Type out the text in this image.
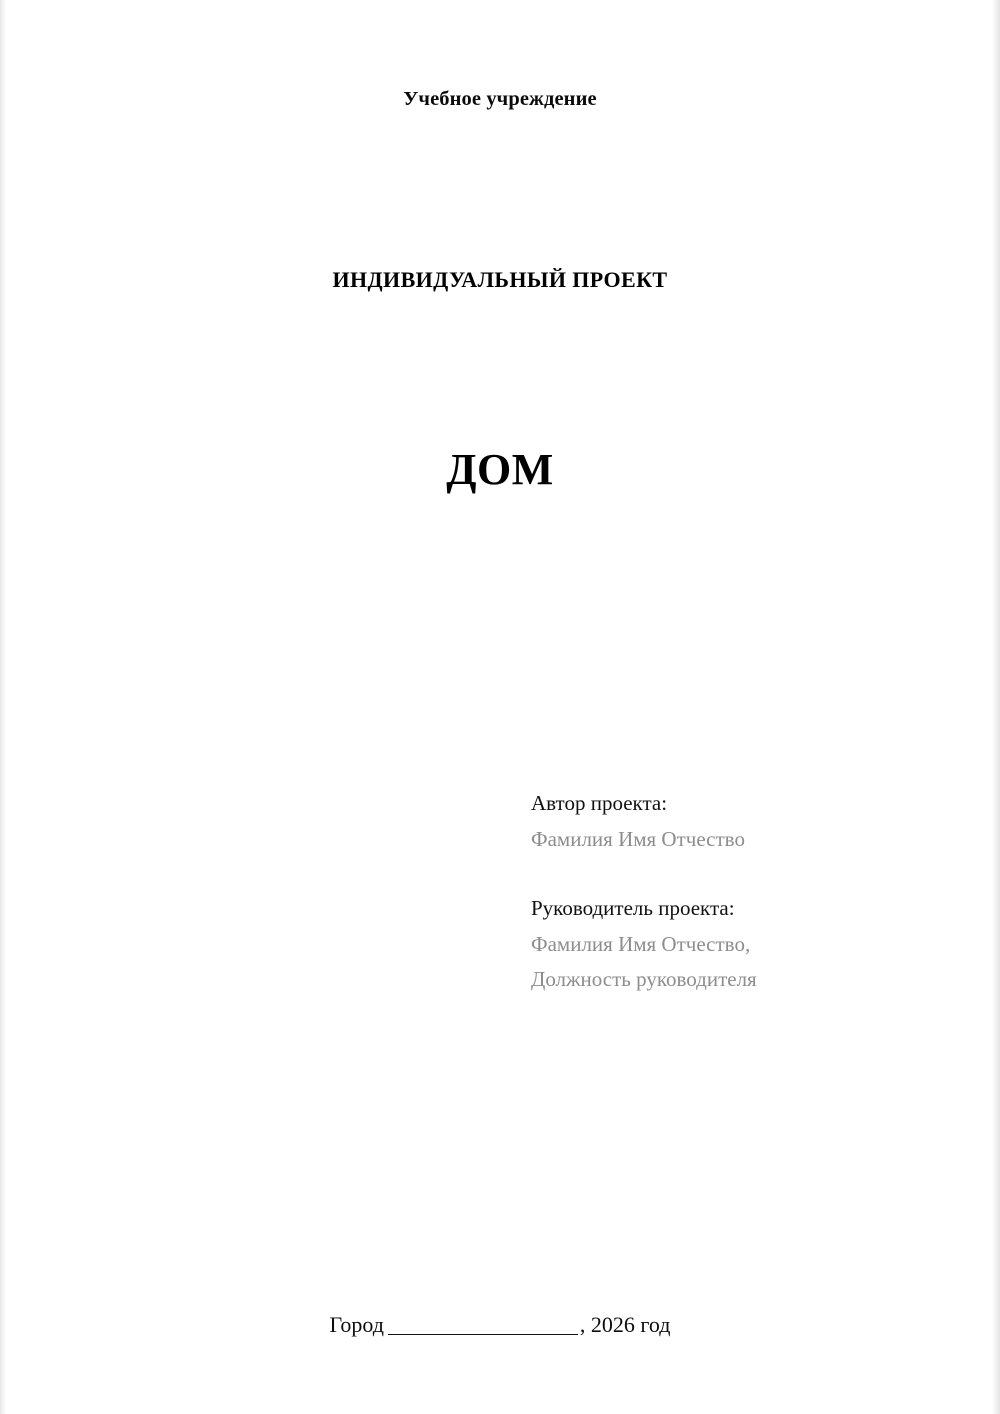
Учебное учреждение
ИНДИВИДУАЛЬНЫЙ ПРОЕКТ
ДОМ
Автор проекта:
Фамилия Имя Отчество
Руководитель проекта:
Фамилия Имя Отчество,
Должность руководителя
Город	, 2026 год
